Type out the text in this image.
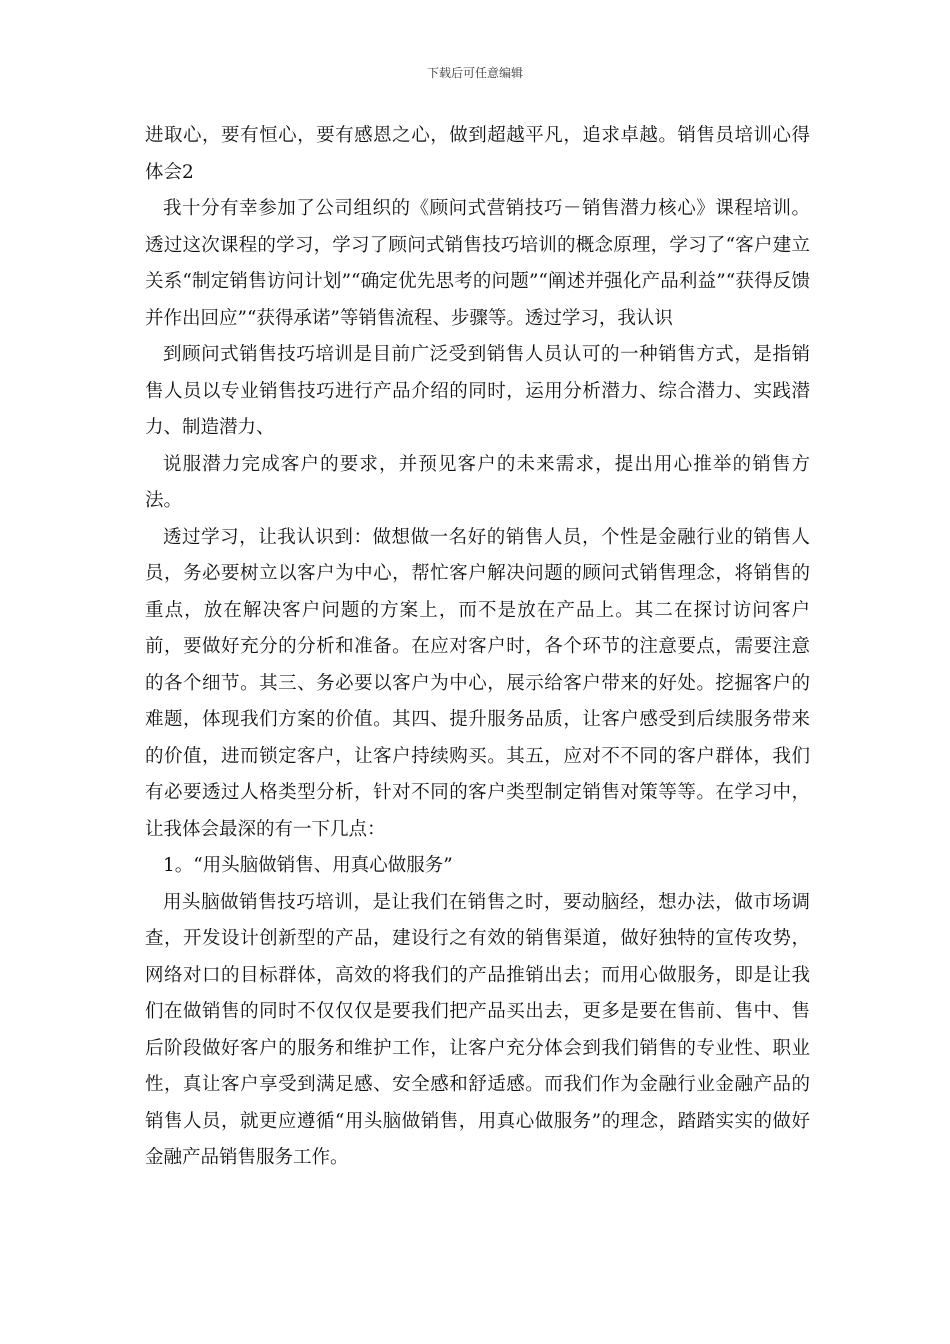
下载后可任意编辑

进取心，要有恒心，要有感恩之心，做到超越平凡，追求卓越。销售员培训心得体会2

我十分有幸参加了公司组织的《顾问式营销技巧－销售潜力核心》课程培训。透过这次课程的学习，学习了顾问式销售技巧培训的概念原理，学习了“客户建立关系“制定销售访问计划”“确定优先思考的问题”“阐述并强化产品利益”“获得反馈并作出回应”“获得承诺”等销售流程、步骤等。透过学习，我认识

到顾问式销售技巧培训是目前广泛受到销售人员认可的一种销售方式，是指销售人员以专业销售技巧进行产品介绍的同时，运用分析潜力、综合潜力、实践潜力、制造潜力、

说服潜力完成客户的要求，并预见客户的未来需求，提出用心推举的销售方法。

透过学习，让我认识到：做想做一名好的销售人员，个性是金融行业的销售人员，务必要树立以客户为中心，帮忙客户解决问题的顾问式销售理念，将销售的重点，放在解决客户问题的方案上，而不是放在产品上。其二在探讨访问客户前，要做好充分的分析和准备。在应对客户时，各个环节的注意要点，需要注意的各个细节。其三、务必要以客户为中心，展示给客户带来的好处。挖掘客户的难题，体现我们方案的价值。其四、提升服务品质，让客户感受到后续服务带来的价值，进而锁定客户，让客户持续购买。其五，应对不不同的客户群体，我们有必要透过人格类型分析，针对不同的客户类型制定销售对策等等。在学习中，让我体会最深的有一下几点：

1。“用头脑做销售、用真心做服务”

用头脑做销售技巧培训，是让我们在销售之时，要动脑经，想办法，做市场调查，开发设计创新型的产品，建设行之有效的销售渠道，做好独特的宣传攻势，网络对口的目标群体，高效的将我们的产品推销出去；而用心做服务，即是让我们在做销售的同时不仅仅仅是要我们把产品买出去，更多是要在售前、售中、售后阶段做好客户的服务和维护工作，让客户充分体会到我们销售的专业性、职业性，真让客户享受到满足感、安全感和舒适感。而我们作为金融行业金融产品的销售人员，就更应遵循“用头脑做销售，用真心做服务”的理念，踏踏实实的做好金融产品销售服务工作。
